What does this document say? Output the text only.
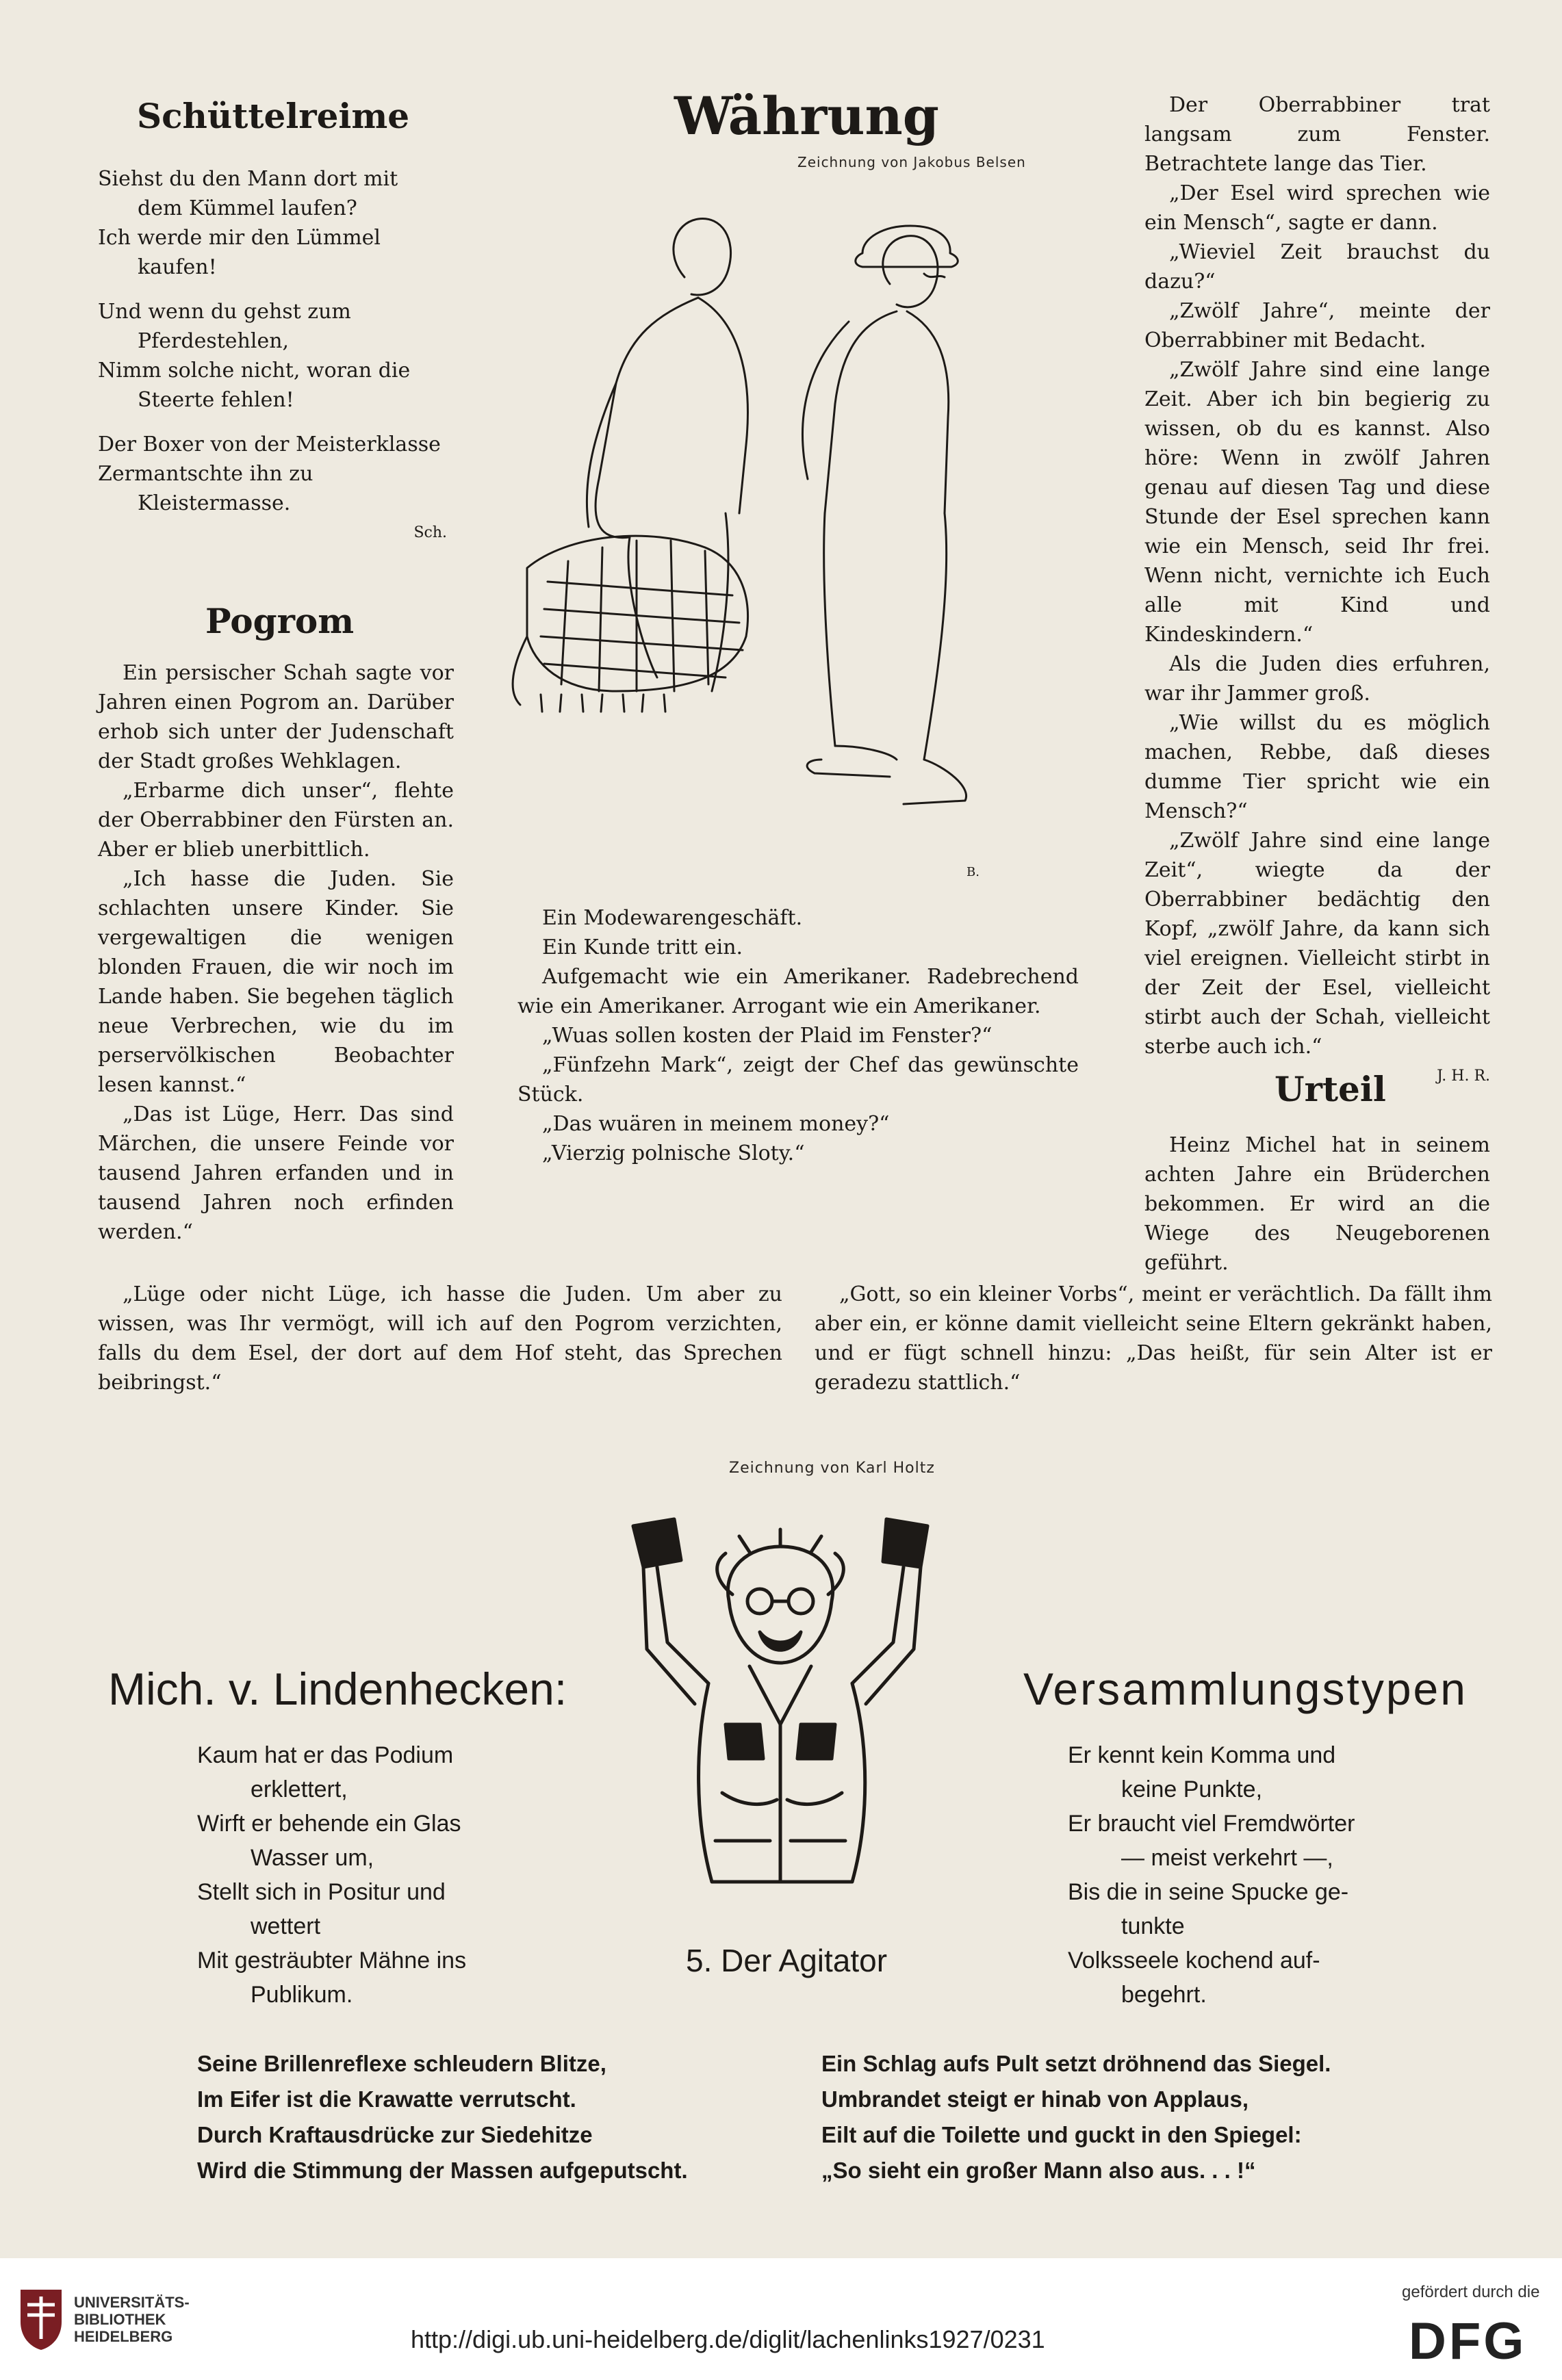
Schüttelreime

Siehst du den Mann dort mit dem Kümmel laufen?

Ich werde mir den Lümmel kaufen!

Und wenn du gehst zum Pferdestehlen,

Nimm solche nicht, woran die Steerte fehlen!

Der Boxer von der Meisterklasse

Zermantschte ihn zu Kleistermasse.

Sch.

Pogrom

Ein persischer Schah sagte vor Jahren einen Pogrom an. Darüber erhob sich unter der Judenschaft der Stadt großes Wehklagen.

„Erbarme dich unser“, flehte der Oberrabbiner den Fürsten an. Aber er blieb unerbittlich.

„Ich hasse die Juden. Sie schlachten unsere Kinder. Sie vergewaltigen die wenigen blonden Frauen, die wir noch im Lande haben. Sie begehen täglich neue Verbrechen, wie du im perservölkischen Beobachter lesen kannst.“

„Das ist Lüge, Herr. Das sind Märchen, die unsere Feinde vor tausend Jahren erfanden und in tausend Jahren noch erfinden werden.“

„Lüge oder nicht Lüge, ich hasse die Juden. Um aber zu wissen, was Ihr vermögt, will ich auf den Pogrom verzichten, falls du dem Esel, der dort auf dem Hof steht, das Sprechen beibringst.“
Währung
Zeichnung von Jakobus Belsen
B.

Ein Modewarengeschäft.

Ein Kunde tritt ein.

Aufgemacht wie ein Amerikaner. Radebrechend wie ein Amerikaner. Arrogant wie ein Amerikaner.

„Wuas sollen kosten der Plaid im Fenster?“

„Fünfzehn Mark“, zeigt der Chef das gewünschte Stück.

„Das wuären in meinem money?“

„Vierzig polnische Sloty.“

Der Oberrabbiner trat langsam zum Fenster. Betrachtete lange das Tier.

„Der Esel wird sprechen wie ein Mensch“, sagte er dann.

„Wieviel Zeit brauchst du dazu?“

„Zwölf Jahre“, meinte der Oberrabbiner mit Bedacht.

„Zwölf Jahre sind eine lange Zeit. Aber ich bin begierig zu wissen, ob du es kannst. Also höre: Wenn in zwölf Jahren genau auf diesen Tag und diese Stunde der Esel sprechen kann wie ein Mensch, seid Ihr frei. Wenn nicht, vernichte ich Euch alle mit Kind und Kindeskindern.“

Als die Juden dies erfuhren, war ihr Jammer groß.

„Wie willst du es möglich machen, Rebbe, daß dieses dumme Tier spricht wie ein Mensch?“

„Zwölf Jahre sind eine lange Zeit“, wiegte da der Oberrabbiner bedächtig den Kopf, „zwölf Jahre, da kann sich viel ereignen. Vielleicht stirbt in der Zeit der Esel, vielleicht stirbt auch der Schah, vielleicht sterbe auch ich.“

J. H. R.

Urteil
Heinz Michel hat in seinem achten Jahre ein Brüderchen bekommen. Er wird an die Wiege des Neugeborenen geführt.
„Gott, so ein kleiner Vorbs“, meint er verächtlich. Da fällt ihm aber ein, er könne damit vielleicht seine Eltern gekränkt haben, und er fügt schnell hinzu: „Das heißt, für sein Alter ist er geradezu stattlich.“
Zeichnung von Karl Holtz
Mich. v. Lindenhecken:	Versammlungstypen

Kaum hat er das Podium

erklettert,

Wirft er behende ein Glas

Wasser um,

Stellt sich in Positur und

wettert

Mit gesträubter Mähne ins

Publikum.

5. Der Agitator

Er kennt kein Komma und

keine Punkte,

Er braucht viel Fremdwörter

— meist verkehrt —,

Bis die in seine Spucke ge-

tunkte

Volksseele kochend auf-

begehrt.

Seine Brillenreflexe schleudern Blitze,

Im Eifer ist die Krawatte verrutscht.

Durch Kraftausdrücke zur Siedehitze

Wird die Stimmung der Massen aufgeputscht.

Ein Schlag aufs Pult setzt dröhnend das Siegel.

Umbrandet steigt er hinab von Applaus,

Eilt auf die Toilette und guckt in den Spiegel:

„So sieht ein großer Mann also aus. . . !“

UNIVERSITÄTS-
BIBLIOTHEK
HEIDELBERG	http://digi.ub.uni-heidelberg.de/diglit/lachenlinks1927/0231
gefördert durch die
DFG
